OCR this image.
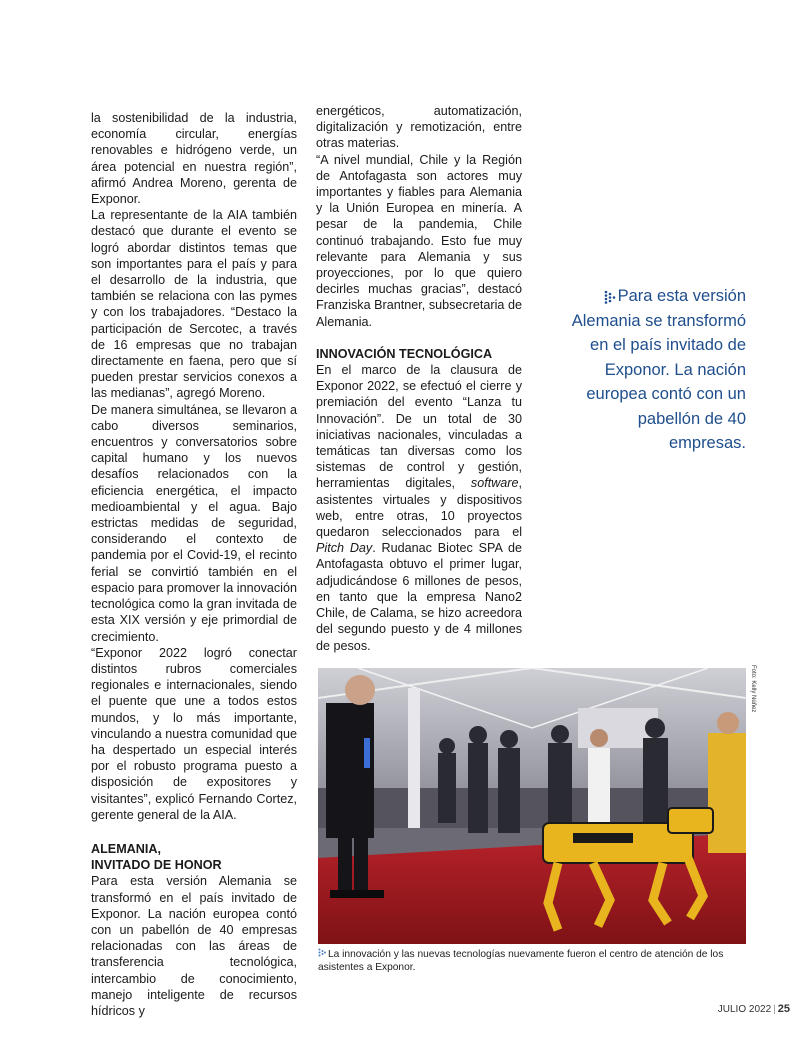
la sostenibilidad de la industria, economía circular, energías renovables e hidrógeno verde, un área potencial en nuestra región”, afirmó Andrea Moreno, gerenta de Exponor.

La representante de la AIA también destacó que durante el evento se logró abordar distintos temas que son importantes para el país y para el desarrollo de la industria, que también se relaciona con las pymes y con los trabajadores. “Destaco la participación de Sercotec, a través de 16 empresas que no trabajan directamente en faena, pero que sí pueden prestar servicios conexos a las medianas”, agregó Moreno.

De manera simultánea, se llevaron a cabo diversos seminarios, encuentros y conversatorios sobre capital humano y los nuevos desafíos relacionados con la eficiencia energética, el impacto medioambiental y el agua. Bajo estrictas medidas de seguridad, considerando el contexto de pandemia por el Covid-19, el recinto ferial se convirtió también en el espacio para promover la innovación tecnológica como la gran invitada de esta XIX versión y eje primordial de crecimiento.

“Exponor 2022 logró conectar distintos rubros comerciales regionales e internacionales, siendo el puente que une a todos estos mundos, y lo más importante, vinculando a nuestra comunidad que ha despertado un especial interés por el robusto programa puesto a disposición de expositores y visitantes”, explicó Fernando Cortez, gerente general de la AIA.

ALEMANIA,

INVITADO DE HONOR

Para esta versión Alemania se transformó en el país invitado de Exponor. La nación europea contó con un pabellón de 40 empresas relacionadas con las áreas de transferencia tecnológica, intercambio de conocimiento, manejo inteligente de recursos hídricos y

energéticos, automatización, digitalización y remotización, entre otras materias.

“A nivel mundial, Chile y la Región de Antofagasta son actores muy importantes y fiables para Alemania y la Unión Europea en minería. A pesar de la pandemia, Chile continuó trabajando. Esto fue muy relevante para Alemania y sus proyecciones, por lo que quiero decirles muchas gracias”, destacó Franziska Brantner, subsecretaria de Alemania.

INNOVACIÓN TECNOLÓGICA

En el marco de la clausura de Exponor 2022, se efectuó el cierre y premiación del evento “Lanza tu Innovación”. De un total de 30 iniciativas nacionales, vinculadas a temáticas tan diversas como los sistemas de control y gestión, herramientas digitales, software, asistentes virtuales y dispositivos web, entre otras, 10 proyectos quedaron seleccionados para el Pitch Day. Rudanac Biotec SPA de Antofagasta obtuvo el primer lugar, adjudicándose 6 millones de pesos, en tanto que la empresa Nano2 Chile, de Calama, se hizo acreedora del segundo puesto y de 4 millones de pesos.

Para esta versión Alemania se transformó en el país invitado de Exponor. La nación europea contó con un pabellón de 40 empresas.
Foto: Kelly Núñez
La innovación y las nuevas tecnologías nuevamente fueron el centro de atención de los asistentes a Exponor.
JULIO 2022 | 25
